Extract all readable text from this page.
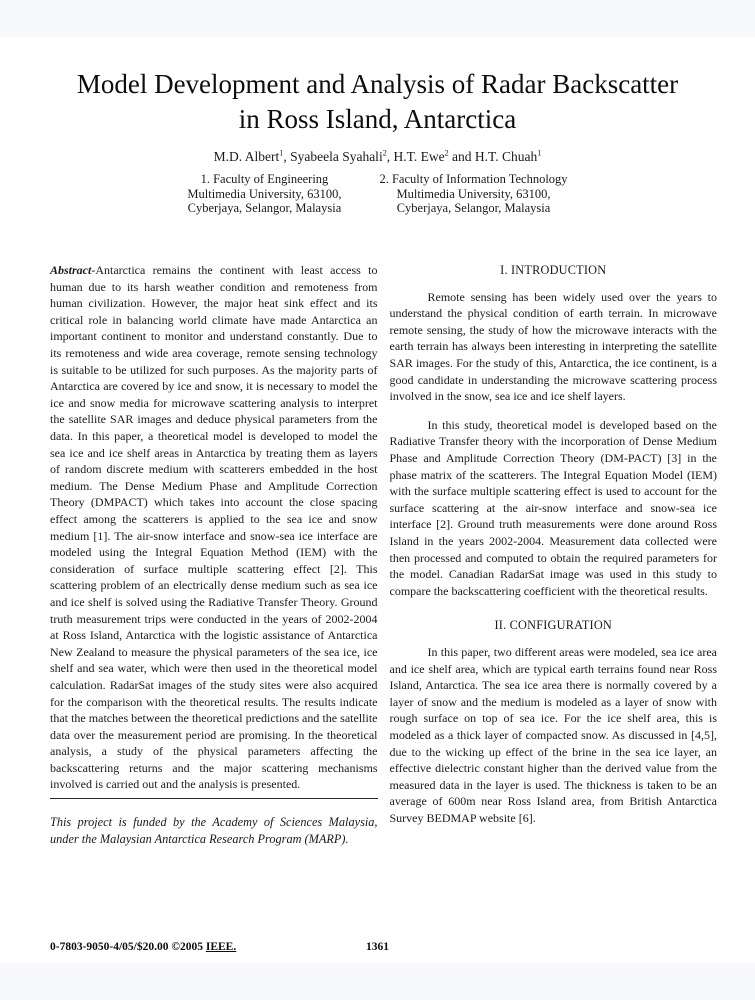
Model Development and Analysis of Radar Backscatter
in Ross Island, Antarctica
M.D. Albert$^1$, Syabeela Syahali$^2$, H.T. Ewe$^2$ and H.T. Chuah$^1$
1. Faculty of Engineering
Multimedia University, 63100,
Cyberjaya, Selangor, Malaysia
2. Faculty of Information Technology
Multimedia University, 63100,
Cyberjaya, Selangor, Malaysia

Abstract-Antarctica remains the continent with least access to human due to its harsh weather condition and remoteness from human civilization. However, the major heat sink effect and its critical role in balancing world climate have made Antarctica an important continent to monitor and understand constantly. Due to its remoteness and wide area coverage, remote sensing technology is suitable to be utilized for such purposes. As the majority parts of Antarctica are covered by ice and snow, it is necessary to model the ice and snow media for microwave scattering analysis to interpret the satellite SAR images and deduce physical parameters from the data. In this paper, a theoretical model is developed to model the sea ice and ice shelf areas in Antarctica by treating them as layers of random discrete medium with scatterers embedded in the host medium. The Dense Medium Phase and Amplitude Correction Theory (DMPACT) which takes into account the close spacing effect among the scatterers is applied to the sea ice and snow medium [1]. The air-snow interface and snow-sea ice interface are modeled using the Integral Equation Method (IEM) with the consideration of surface multiple scattering effect [2]. This scattering problem of an electrically dense medium such as sea ice and ice shelf is solved using the Radiative Transfer Theory. Ground truth measurement trips were conducted in the years of 2002-2004 at Ross Island, Antarctica with the logistic assistance of Antarctica New Zealand to measure the physical parameters of the sea ice, ice shelf and sea water, which were then used in the theoretical model calculation. RadarSat images of the study sites were also acquired for the comparison with the theoretical results. The results indicate that the matches between the theoretical predictions and the satellite data over the measurement period are promising. In the theoretical analysis, a study of the physical parameters affecting the backscattering returns and the major scattering mechanisms involved is carried out and the analysis is presented.

This project is funded by the Academy of Sciences Malaysia, under the Malaysian Antarctica Research Program (MARP).

I. INTRODUCTION

Remote sensing has been widely used over the years to understand the physical condition of earth terrain. In microwave remote sensing, the study of how the microwave interacts with the earth terrain has always been interesting in interpreting the satellite SAR images. For the study of this, Antarctica, the ice continent, is a good candidate in understanding the microwave scattering process involved in the snow, sea ice and ice shelf layers.

In this study, theoretical model is developed based on the Radiative Transfer theory with the incorporation of Dense Medium Phase and Amplitude Correction Theory (DM-PACT) [3] in the phase matrix of the scatterers. The Integral Equation Model (IEM) with the surface multiple scattering effect is used to account for the surface scattering at the air-snow interface and snow-sea ice interface [2]. Ground truth measurements were done around Ross Island in the years 2002-2004. Measurement data collected were then processed and computed to obtain the required parameters for the model. Canadian RadarSat image was used in this study to compare the backscattering coefficient with the theoretical results.

II. CONFIGURATION

In this paper, two different areas were modeled, sea ice area and ice shelf area, which are typical earth terrains found near Ross Island, Antarctica. The sea ice area there is normally covered by a layer of snow and the medium is modeled as a layer of snow with rough surface on top of sea ice. For the ice shelf area, this is modeled as a thick layer of compacted snow. As discussed in [4,5], due to the wicking up effect of the brine in the sea ice layer, an effective dielectric constant higher than the derived value from the measured data in the layer is used. The thickness is taken to be an average of 600m near Ross Island area, from British Antarctica Survey BEDMAP website [6].

0-7803-9050-4/05/$20.00 ©2005 IEEE.	1361
